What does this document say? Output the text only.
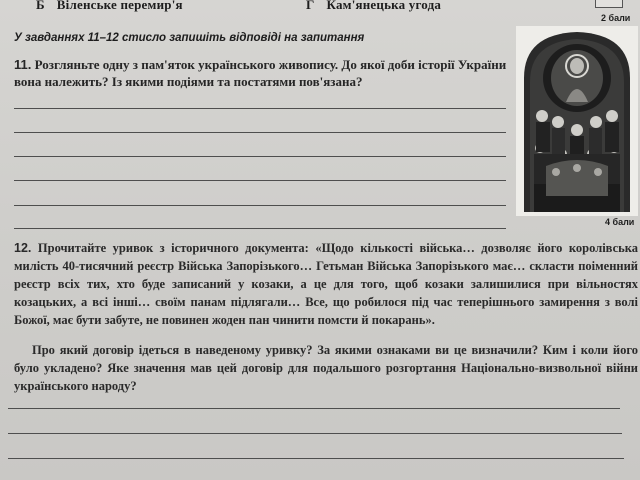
Б Віленське перемир'я	Г Кам'янецька угода
2 бали
У завданнях 11–12 стисло запишіть відповіді на запитання
11. Розгляньте одну з пам'яток українського живопису. До якої доби історії України вона належить? Із якими подіями та постатями пов'язана?
4 бали
12. Прочитайте уривок з історичного документа: «Щодо кількості війська… дозволяє його королівська милість 40-тисячний реєстр Війська Запорізького… Гетьман Війська Запорізького має… скласти поіменний реєстр всіх тих, хто буде записаний у козаки, а це для того, щоб козаки залишилися при вільностях козацьких, а всі інші… своїм панам підлягали… Все, що робилося під час теперішнього замирення з волі Божої, має бути забуте, не повинен жоден пан чинити помсти й покарань».
Про який договір ідеться в наведеному уривку? За якими ознаками ви це визначили? Ким і коли його було укладено? Яке значення мав цей договір для подальшого розгортання Національно-визвольної війни українського народу?
